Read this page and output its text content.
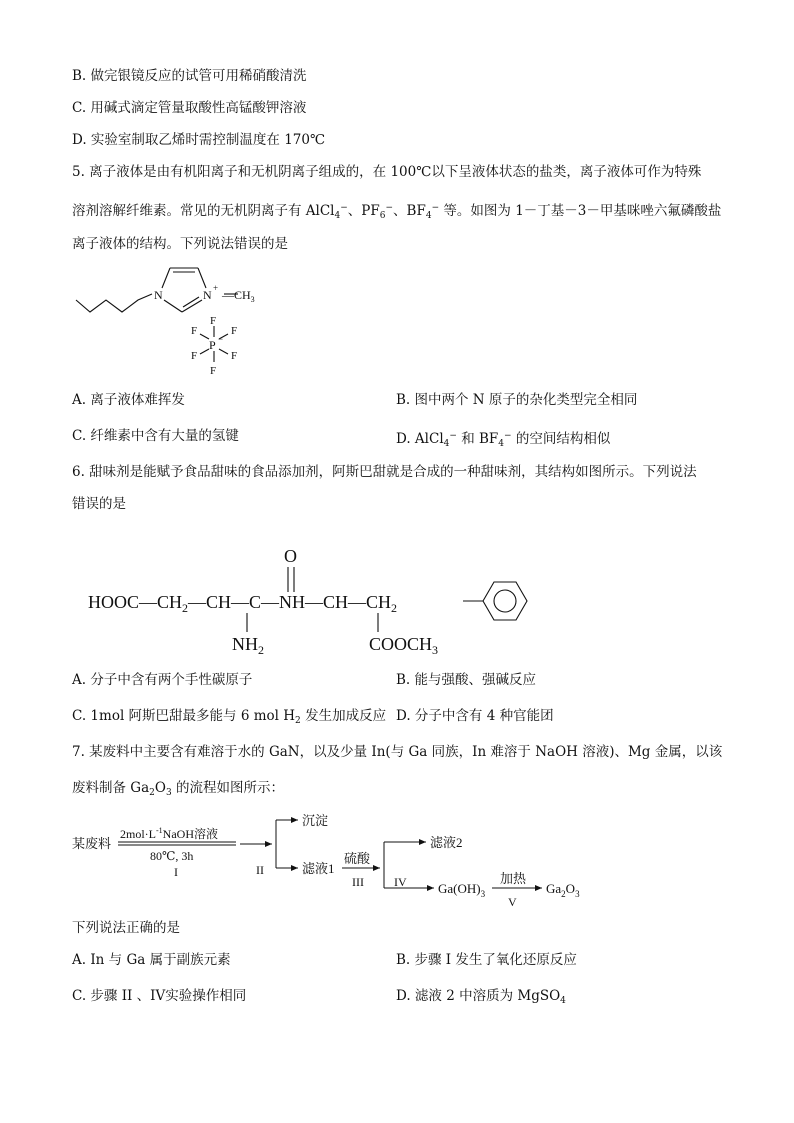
B. 做完银镜反应的试管可用稀硝酸清洗
C. 用碱式滴定管量取酸性高锰酸钾溶液
D. 实验室制取乙烯时需控制温度在 170℃
5. 离子液体是由有机阳离子和无机阴离子组成的，在 100℃以下呈液体状态的盐类，离子液体可作为特殊
溶剂溶解纤维素。常见的无机阴离子有 AlCl$_4$−、$PF_6^-$、$BF_4^-$ 等。如图为 1－丁基－3－甲基咪唑六氟磷酸盐
离子液体的结构。下列说法错误的是
N	$N + —CH_3$
F
F	F
P −
F	F
F
A. 离子液体难挥发	B. 图中两个 N 原子的杂化类型完全相同
C. 纤维素中含有大量的氢键	D. AlCl$_4$− 和 $BF_4^-$ 的空间结构相似
6. 甜味剂是能赋予食品甜味的食品添加剂，阿斯巴甜就是合成的一种甜味剂，其结构如图所示。下列说法
错误的是
$HOOC—CH_2—CH—C—NH—CH—CH_2$
O
$NH_2$	$COOCH_3$
A. 分子中含有两个手性碳原子	B. 能与强酸、强碱反应
C. 1mol 阿斯巴甜最多能与 6 mol $H_2$ 发生加成反应 D. 分子中含有 4 种官能团
7. 某废料中主要含有难溶于水的 GaN，以及少量 In(与 Ga 同族，In 难溶于 NaOH 溶液)、Mg 金属，以该
废料制备 $Ga_2O_3$ 的流程如图所示：
某废料
$2mol\cdot L^{-1}NaOH$溶液
80℃, 3h
I	II
沉淀
滤液1
硫酸
III	IV
滤液2
$Ga(OH)_3$
加热
V
$Ga_2O_3$
下列说法正确的是
A. In 与 Ga 属于副族元素	B. 步骤 I 发生了氧化还原反应
C. 步骤 II 、IV实验操作相同	D. 滤液 2 中溶质为 MgSO$_4$
